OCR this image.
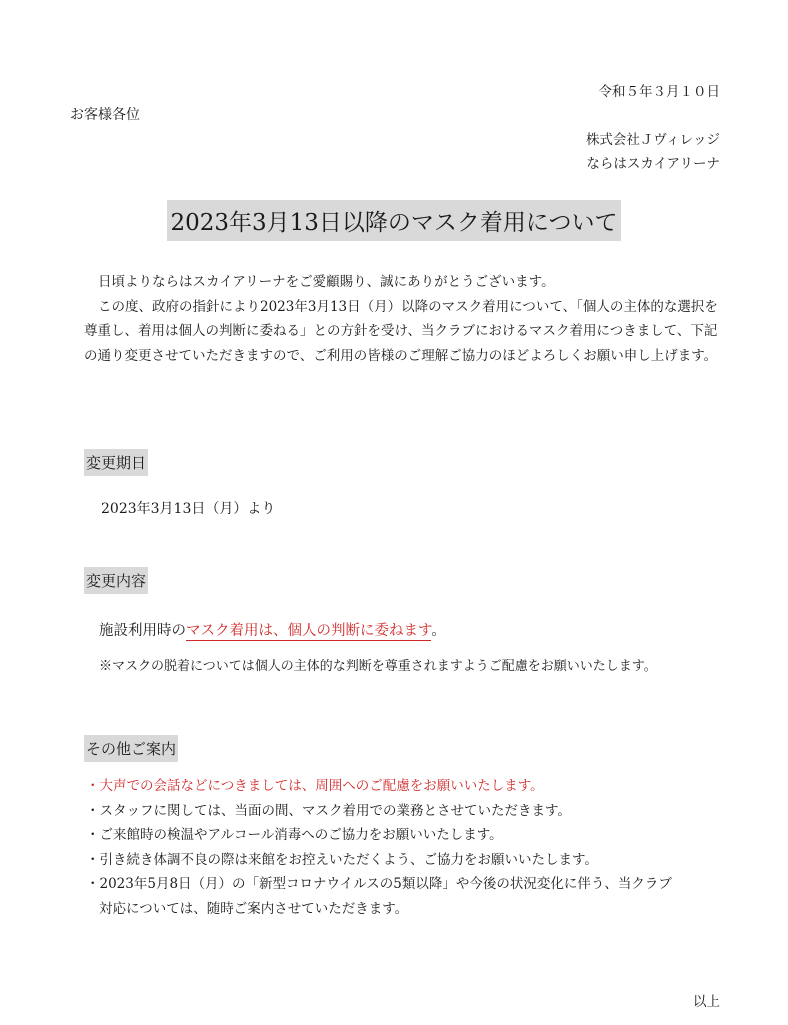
令和５年３月１０日
お客様各位
株式会社Ｊヴィレッジ
ならはスカイアリーナ
2023年3月13日以降のマスク着用について

日頃よりならはスカイアリーナをご愛顧賜り、誠にありがとうございます。

この度、政府の指針により2023年3月13日（月）以降のマスク着用について、「個人の主体的な選択を尊重し、着用は個人の判断に委ねる」との方針を受け、当クラブにおけるマスク着用につきまして、下記の通り変更させていただきますので、ご利用の皆様のご理解ご協力のほどよろしくお願い申し上げます。

変更期日
2023年3月13日（月）より
変更内容
施設利用時のマスク着用は、個人の判断に委ねます。
※マスクの脱着については個人の主体的な判断を尊重されますようご配慮をお願いいたします。
その他ご案内
・大声での会話などにつきましては、周囲へのご配慮をお願いいたします。
・スタッフに関しては、当面の間、マスク着用での業務とさせていただきます。
・ご来館時の検温やアルコール消毒へのご協力をお願いいたします。
・引き続き体調不良の際は来館をお控えいただくよう、ご協力をお願いいたします。
・2023年5月8日（月）の「新型コロナウイルスの5類以降」や今後の状況変化に伴う、当クラブ
対応については、随時ご案内させていただきます。
以上
